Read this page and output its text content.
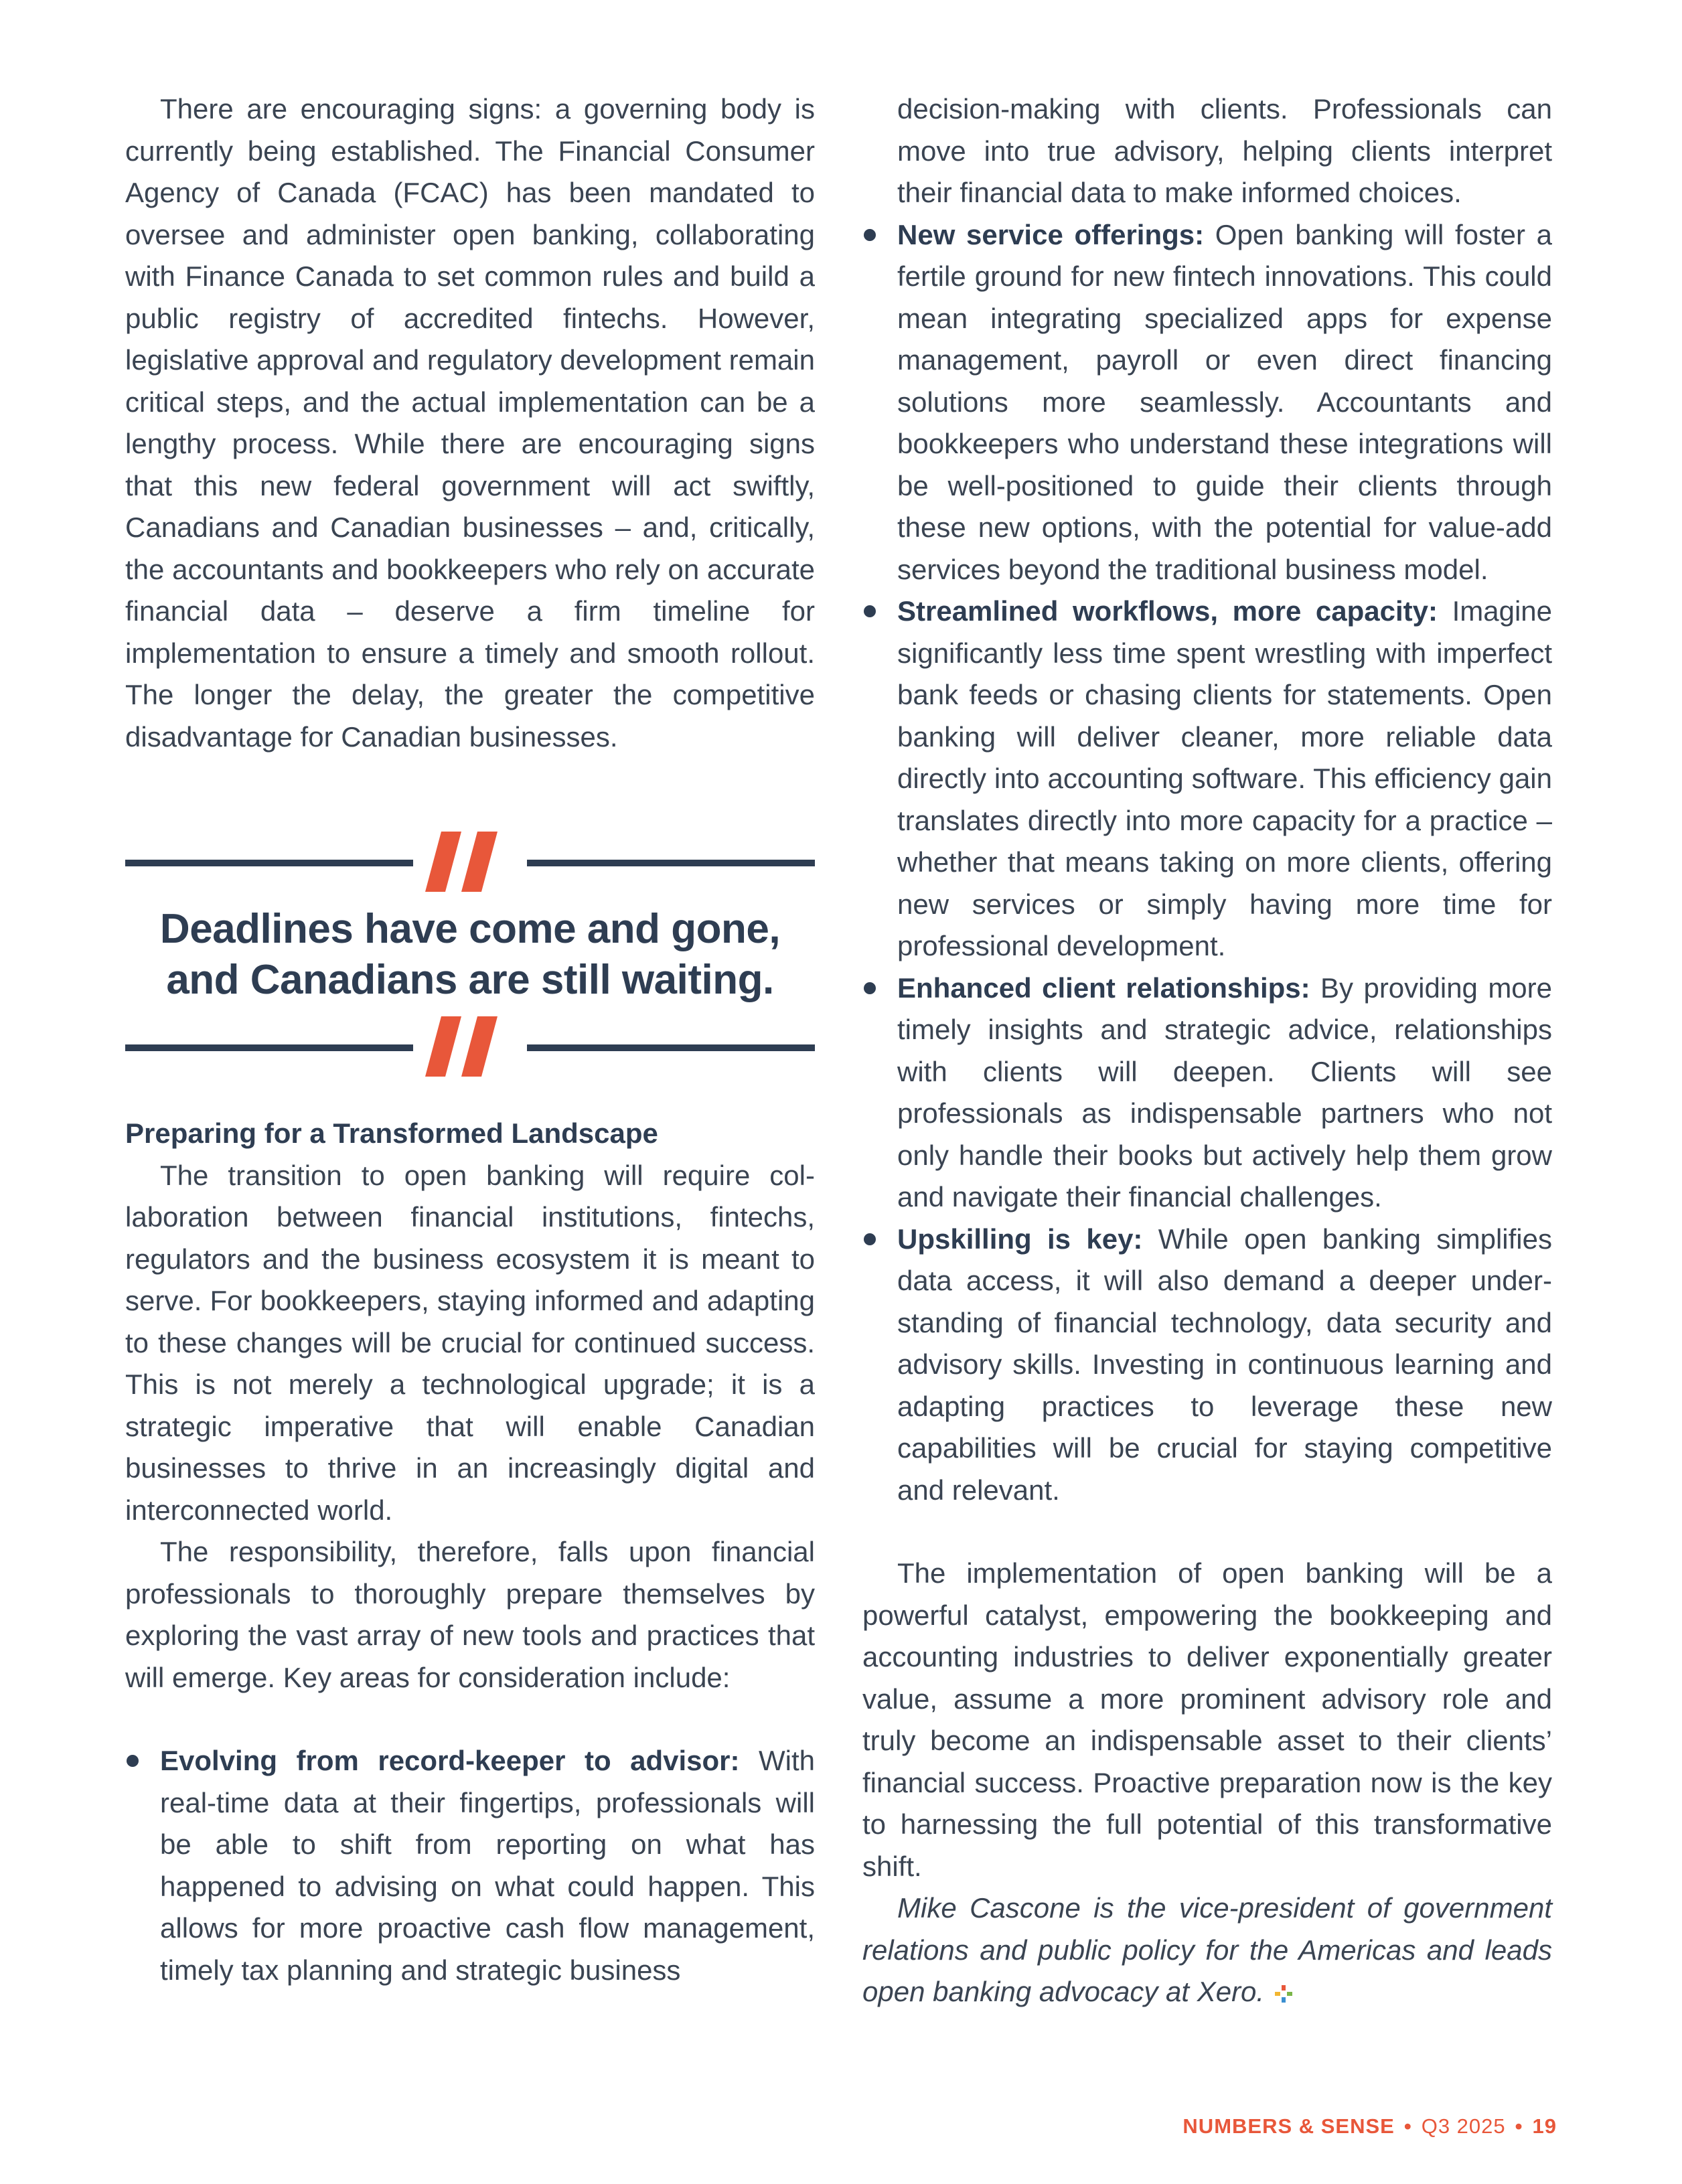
There are encouraging signs: a governing body is currently being established. The Financial Consumer Agency of Canada (FCAC) has been mandated to oversee and administer open banking, collaborating with Finance Canada to set common rules and build a public registry of accredited fintechs. However, legislative approval and regulatory development remain critical steps, and the actual implementation can be a lengthy process. While there are encouraging signs that this new federal government will act swiftly, Canadians and Canadian businesses – and, critically, the accountants and bookkeepers who rely on accurate financial data – deserve a firm timeline for implementation to ensure a timely and smooth rollout. The longer the delay, the greater the competitive disadvantage for Canadian businesses.

Deadlines have come and gone,
and Canadians are still waiting.

Preparing for a Transformed Landscape

The transition to open banking will require collaboration between financial institutions, fintechs, regulators and the business ecosystem it is meant to serve. For bookkeepers, staying informed and adapting to these changes will be crucial for continued success. This is not merely a technological upgrade; it is a strategic imperative that will enable Canadian businesses to thrive in an increasingly digital and interconnected world.

The responsibility, therefore, falls upon financial professionals to thoroughly prepare themselves by exploring the vast array of new tools and practices that will emerge. Key areas for consideration include:

Evolving from record-keeper to advisor: With real-time data at their fingertips, professionals will be able to shift from reporting on what has happened to advising on what could happen. This allows for more proactive cash flow management, timely tax planning and strategic business
decision-making with clients. Professionals can move into true advisory, helping clients interpret their financial data to make informed choices.
New service offerings: Open banking will foster a fertile ground for new fintech innovations. This could mean integrating specialized apps for expense management, payroll or even direct financing solutions more seamlessly. Accountants and bookkeepers who understand these integrations will be well-positioned to guide their clients through these new options, with the potential for value-add services beyond the traditional business model.
Streamlined workflows, more capacity: Imagine significantly less time spent wrestling with imperfect bank feeds or chasing clients for statements. Open banking will deliver cleaner, more reliable data directly into accounting software. This efficiency gain translates directly into more capacity for a practice – whether that means taking on more clients, offering new services or simply having more time for professional development.
Enhanced client relationships: By providing more timely insights and strategic advice, relationships with clients will deepen. Clients will see professionals as indispensable partners who not only handle their books but actively help them grow and navigate their financial challenges.
Upskilling is key: While open banking simplifies data access, it will also demand a deeper understanding of financial technology, data security and advisory skills. Investing in continuous learning and adapting practices to leverage these new capabilities will be crucial for staying competitive and relevant.

The implementation of open banking will be a powerful catalyst, empowering the bookkeeping and accounting industries to deliver exponentially greater value, assume a more prominent advisory role and truly become an indispensable asset to their clients’ financial success. Proactive preparation now is the key to harnessing the full potential of this transformative shift.

Mike Cascone is the vice-president of government relations and public policy for the Americas and leads open banking advocacy at Xero.

NUMBERS & SENSE • Q3 2025 • 19
